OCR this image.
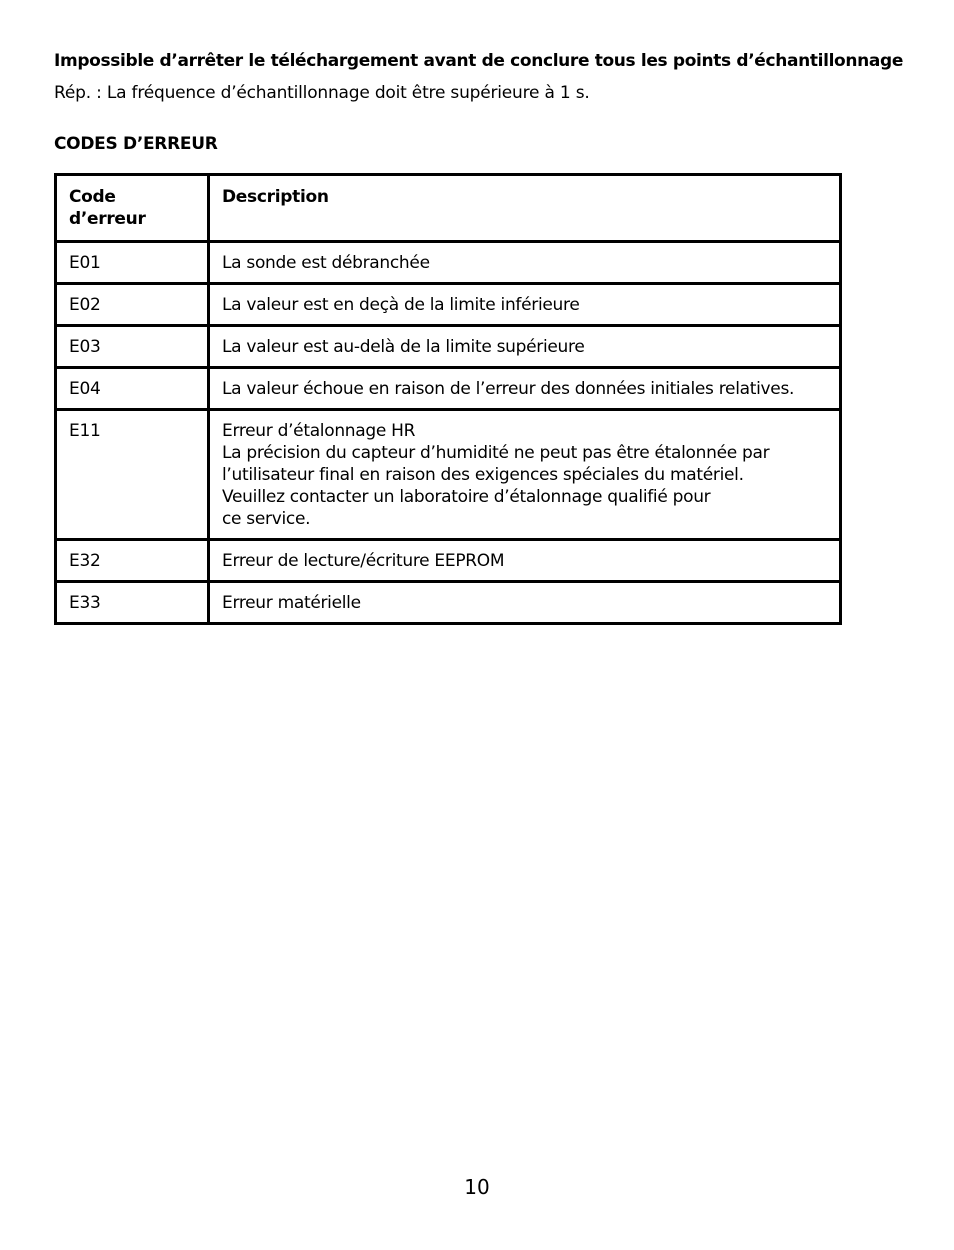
Impossible d’arrêter le téléchargement avant de conclure tous les points d’échantillonnage
Rép. : La fréquence d’échantillonnage doit être supérieure à 1 s.
CODES D’ERREUR
Code d’erreur	Description
E01	La sonde est débranchée

E02	La valeur est en deçà de la limite inférieure

E03	La valeur est au-delà de la limite supérieure

E04	La valeur échoue en raison de l’erreur des données initiales relatives.

E11	Erreur d’étalonnage HR
La précision du capteur d’humidité ne peut pas être étalonnée par
l’utilisateur final en raison des exigences spéciales du matériel.
Veuillez contacter un laboratoire d’étalonnage qualifié pour
ce service.

E32	Erreur de lecture/écriture EEPROM

E33	Erreur matérielle
10
